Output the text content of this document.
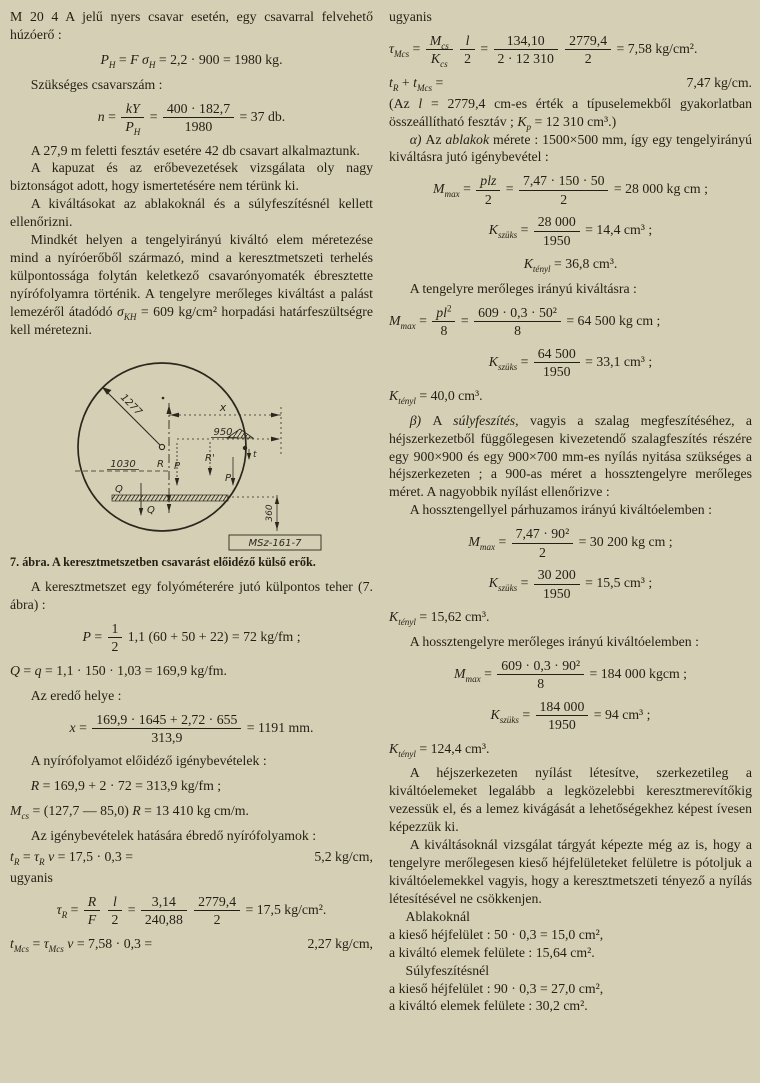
M 20 4 A jelű nyers csavar esetén, egy csavarral felvehető húzóerő :
$P_H = F$ $\sigma_H = 2,2 \cdot 900 = 1980$ kg.
Szükséges csavarszám :
$n = \frac{kY}{P_H} = \frac{400 \cdot 182,7}{1980} = 37$ db.
A 27,9 m feletti fesztáv esetére 42 db csavart alkalmaztunk.
A kapuzat és az erőbevezetések vizsgálata oly nagy biztonságot adott, hogy ismertetésére nem térünk ki.
A kiváltásokat az ablakoknál és a súlyfeszítésnél kellett ellenőrizni.
Mindkét helyen a tengelyirányú kiváltó elem méretezése mind a nyíróerőből származó, mind a keresztmetszeti terhelés külpontossága folytán keletkező csavarónyomaték ébresztette nyírófolyamra történik. A tengelyre merőleges kiváltást a palást lemezéről átadódó $\sigma_{KH} = 609$ kg/cm² horpadási határfeszültségre kell méretezni.
1277	x
950
t
1030 R P
R'
P
Q
Q	360
MSz-161-7
7. ábra. A keresztmetszetben csavarást előidéző külső erők.
A keresztmetszet egy folyóméterére jutó külpontos teher (7. ábra) :
$P = \frac{1}{2} 1,1$ (60 + 50 + 22) = 72 kg/fm ;
Q = q = 1,1 · 150 · 1,03 = 169,9 kg/fm.
Az eredő helye :
$x = \frac{169,9 \cdot 1645 + 2,72 \cdot 655}{313,9} = 1191$ mm.
A nyírófolyamot előidéző igénybevételek :
R = 169,9 + 2 · 72 = 313,9 kg/fm ;
$M_{cs} = (127,7$ — 85,0) R = 13 410 kg cm/m.
Az igénybevételek hatására ébredő nyírófolyamok :
$t_R = \tau_R$ v = 17,5 · 0,3 =	5,2 kg/cm,
ugyanis
$\tau_R = \frac{R}{F}$
$\frac{l}{2} = \frac{3,14}{240,88}$
$\frac{2779,4}{2} = 17,5$ kg/cm².
$t_{Mcs} = \tau_{Mcs}$ v = 7,58 · 0,3 =	2,27 kg/cm,
ugyanis
$\tau_{Mcs} = \frac{M_{cs}}{K_{cs}}$
$\frac{l}{2} = \frac{134,10}{2 \cdot 12 310}$
$\frac{2779,4}{2} = 7,58$ kg/cm².
$t_R + t_{Mcs}$ =	7,47 kg/cm.
(Az l = 2779,4 cm-es érték a típuselemekből gyakorlatban összeállítható fesztáv ; $K_p = 12$ 310 cm³.)
α) Az ablakok mérete : 1500×500 mm, így egy tengelyirányú kiváltásra jutó igénybevétel :
$M_{max} = \frac{\text{plz}}{2} = \frac{7,47 \cdot 150 \cdot 50}{2} = 28$ 000 kg cm ;
$K_{szüks} = \frac{28 000}{1950} = 14,4$ cm³ ;
$K_{tényl} = 36,8$ cm³.
A tengelyre merőleges irányú kiváltásra :
$M_{max} = \frac{pl^2}{8} = \frac{\text{609 · 0,3 · 50²}}{8} = 64$ 500 kg cm ;
$K_{szüks} = \frac{64 500}{1950} = 33,1$ cm³ ;
$K_{tényl} = 40,0$ cm³.
β) A súlyfeszítés, vagyis a szalag megfeszítéséhez, a héjszerkezetből függőlegesen kivezetendő szalagfeszítés részére egy 900×900 és egy 900×700 mm-es nyílás nyitása szükséges a héjszerkezeten ; a 900-as méret a hossztengelyre merőleges méret. A nagyobbik nyílást ellenőrizve :
A hossztengellyel párhuzamos irányú kiváltóelemben :
$M_{max} = \frac{\text{7,47 · 90²}}{2} = 30$ 200 kg cm ;
$K_{szüks} = \frac{30 200}{1950} = 15,5$ cm³ ;
$K_{tényl} = 15,62$ cm³.
A hossztengelyre merőleges irányú kiváltóelemben :
$M_{max} = \frac{\text{609 · 0,3 · 90²}}{8} = 184$ 000 kgcm ;
$K_{szüks} = \frac{184 000}{1950} = 94$ cm³ ;
$K_{tényl} = 124,4$ cm³.
A héjszerkezeten nyílást létesítve, szerkezetileg a kiváltóelemeket legalább a legközelebbi keresztmerevítőkig vezessük el, és a lemez kivágását a lehetőségekhez képest ívesen képezzük ki.
A kiváltásoknál vizsgálat tárgyát képezte még az is, hogy a tengelyre merőlegesen kieső héjfelületeket felületre is pótoljuk a kiváltóelemekkel vagyis, hogy a keresztmetszeti tényező a nyílás létesítésével ne csökkenjen.
Ablakoknál
a kieső héjfelület : 50 · 0,3 = 15,0 cm²,
a kiváltó elemek felülete : 15,64 cm².
Súlyfeszítésnél
a kieső héjfelület : 90 · 0,3 = 27,0 cm²,
a kiváltó elemek felülete : 30,2 cm².
